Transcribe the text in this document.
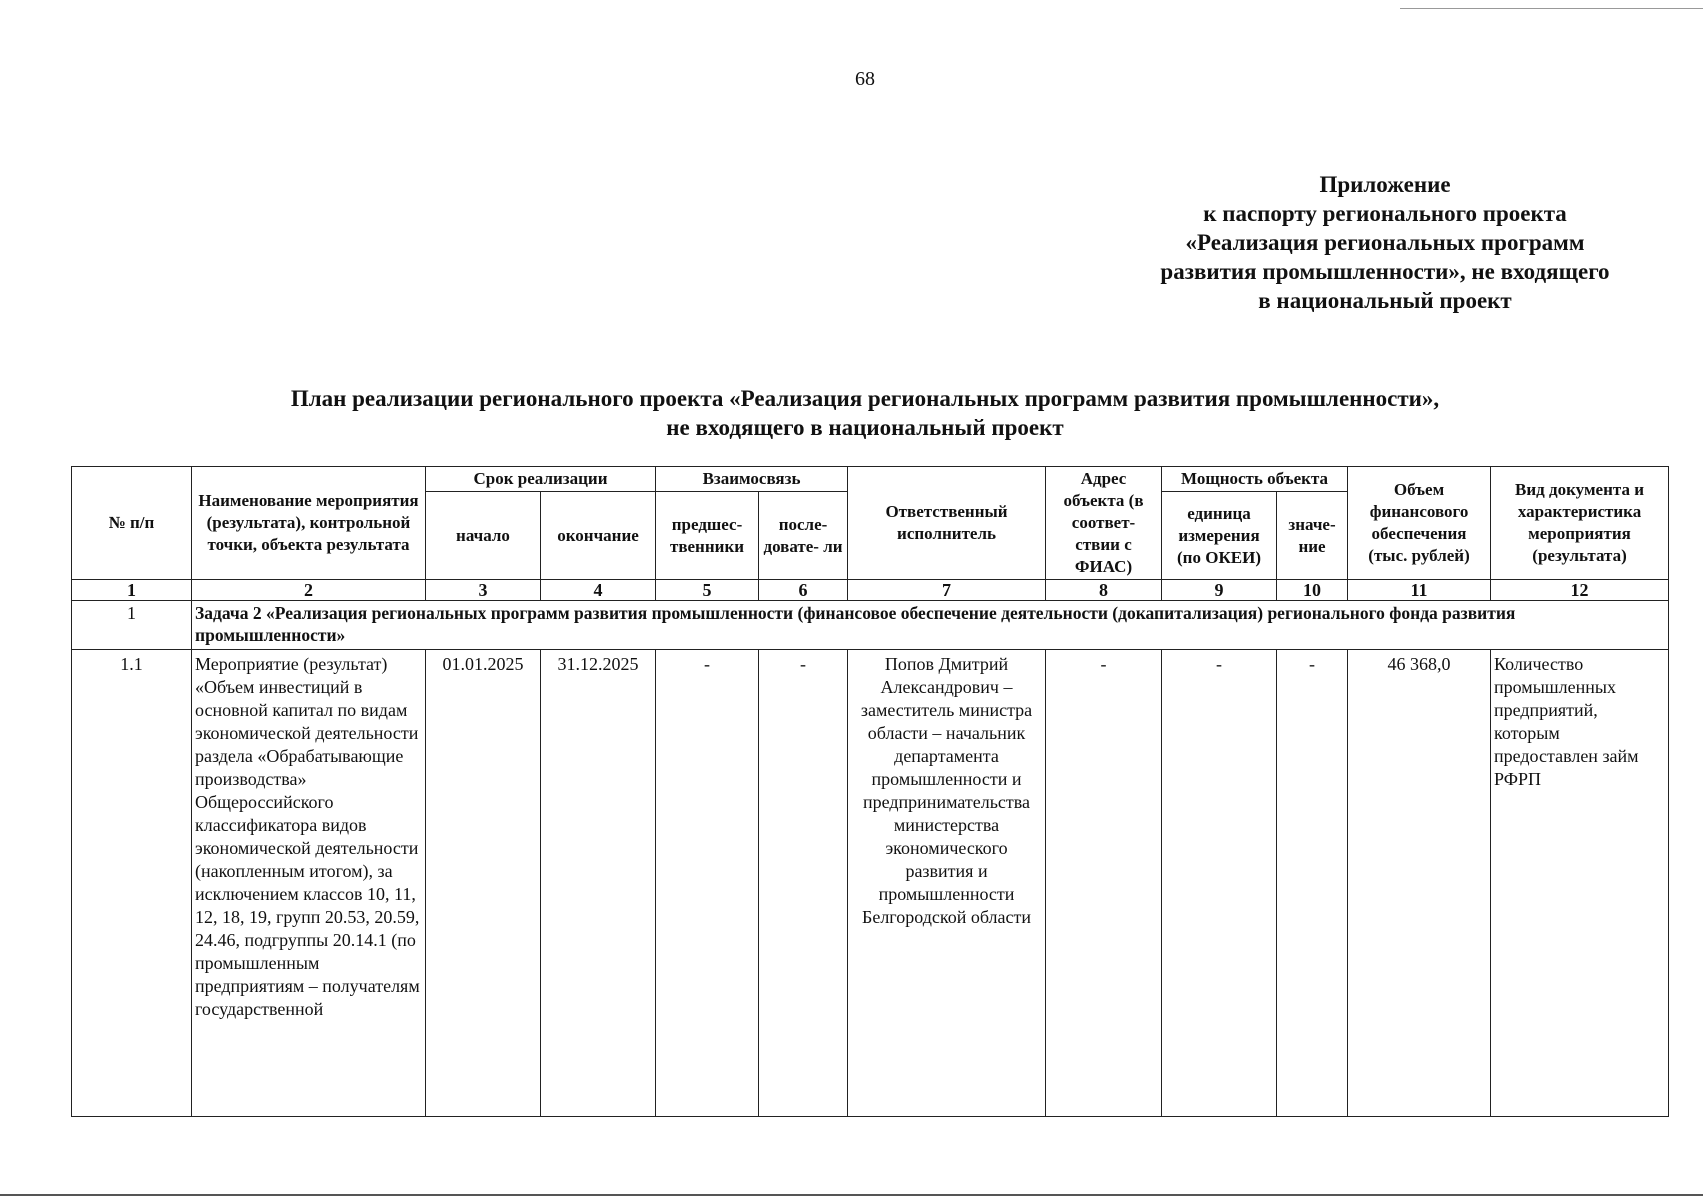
68
Приложение
к паспорту регионального проекта
«Реализация региональных программ
развития промышленности», не входящего
в национальный проект
План реализации регионального проекта «Реализация региональных программ развития промышленности»,
не входящего в национальный проект
№ п/п	Наименование мероприятия (результата), контрольной точки, объекта результата	Срок реализации		Взаимосвязь		Ответственный исполнитель	Адрес объекта (в соответ- ствии с ФИАС)	Мощность объекта		Объем финансового обеспечения (тыс. рублей)	Вид документа и характеристика мероприятия (результата)
		начало	окончание	предшес- твенники	после- довате- ли			единица измерения (по ОКЕИ)	значе- ние		
1	2	3	4	5	6	7	8	9	10	11	12
1	Задача 2 «Реализация региональных программ развития промышленности (финансовое обеспечение деятельности (докапитализация) регионального фонда развития промышленности»										
1.1	Мероприятие (результат) «Объем инвестиций в основной капитал по видам экономической деятельности раздела «Обрабатывающие производства» Общероссийского классификатора видов экономической деятельности (накопленным итогом), за исключением классов 10, 11, 12, 18, 19, групп 20.53, 20.59, 24.46, подгруппы 20.14.1 (по промышленным предприятиям – получателям государственной	01.01.2025	31.12.2025	-	-	Попов Дмитрий Александрович – заместитель министра области – начальник департамента промышленности и предпринимательства министерства экономического развития и промышленности Белгородской области	-	-	-	46 368,0	Количество промышленных предприятий, которым предоставлен займ РФРП
